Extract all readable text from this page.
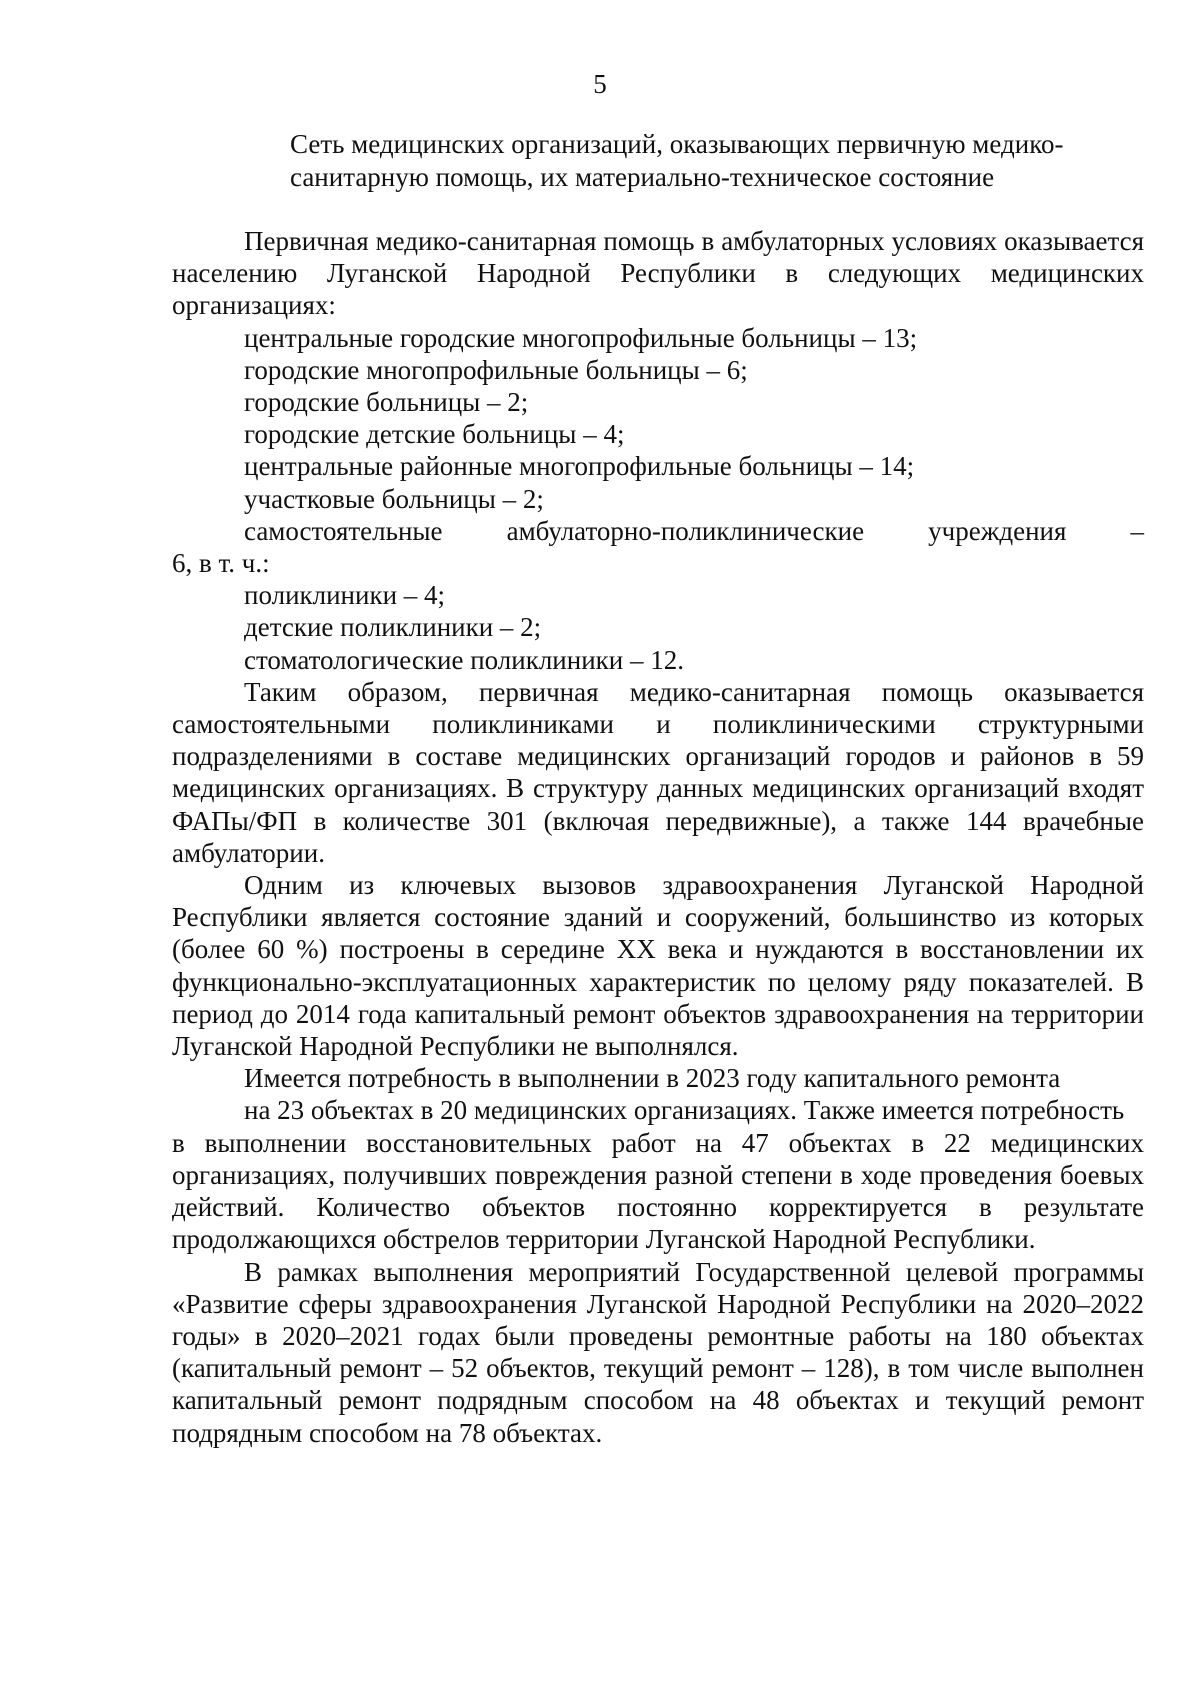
5
Сеть медицинских организаций, оказывающих первичную медико-
санитарную помощь, их материально-техническое состояние

Первичная медико-санитарная помощь в амбулаторных условиях оказывается населению Луганской Народной Республики в следующих медицинских организациях:

центральные городские многопрофильные больницы – 13;

городские многопрофильные больницы – 6;

городские больницы – 2;

городские детские больницы – 4;

центральные районные многопрофильные больницы – 14;

участковые больницы – 2;

самостоятельные амбулаторно-поликлинические учреждения –

6, в т. ч.:

поликлиники – 4;

детские поликлиники – 2;

стоматологические поликлиники – 12.

Таким образом, первичная медико-санитарная помощь оказывается самостоятельными поликлиниками и поликлиническими структурными подразделениями в составе медицинских организаций городов и районов в 59 медицинских организациях. В структуру данных медицинских организаций входят ФАПы/ФП в количестве 301 (включая передвижные), а также 144 врачебные амбулатории.

Одним из ключевых вызовов здравоохранения Луганской Народной Республики является состояние зданий и сооружений, большинство из которых (более 60 %) построены в середине XX века и нуждаются в восстановлении их функционально-эксплуатационных характеристик по целому ряду показателей. В период до 2014 года капитальный ремонт объектов здравоохранения на территории Луганской Народной Республики не выполнялся.

Имеется потребность в выполнении в 2023 году капитального ремонта

на 23 объектах в 20 медицинских организациях. Также имеется потребность

в выполнении восстановительных работ на 47 объектах в 22 медицинских организациях, получивших повреждения разной степени в ходе проведения боевых действий. Количество объектов постоянно корректируется в результате продолжающихся обстрелов территории Луганской Народной Республики.

В рамках выполнения мероприятий Государственной целевой программы «Развитие сферы здравоохранения Луганской Народной Республики на 2020–2022 годы» в 2020–2021 годах были проведены ремонтные работы на 180 объектах (капитальный ремонт – 52 объектов, текущий ремонт – 128), в том числе выполнен капитальный ремонт подрядным способом на 48 объектах и текущий ремонт подрядным способом на 78 объектах.
